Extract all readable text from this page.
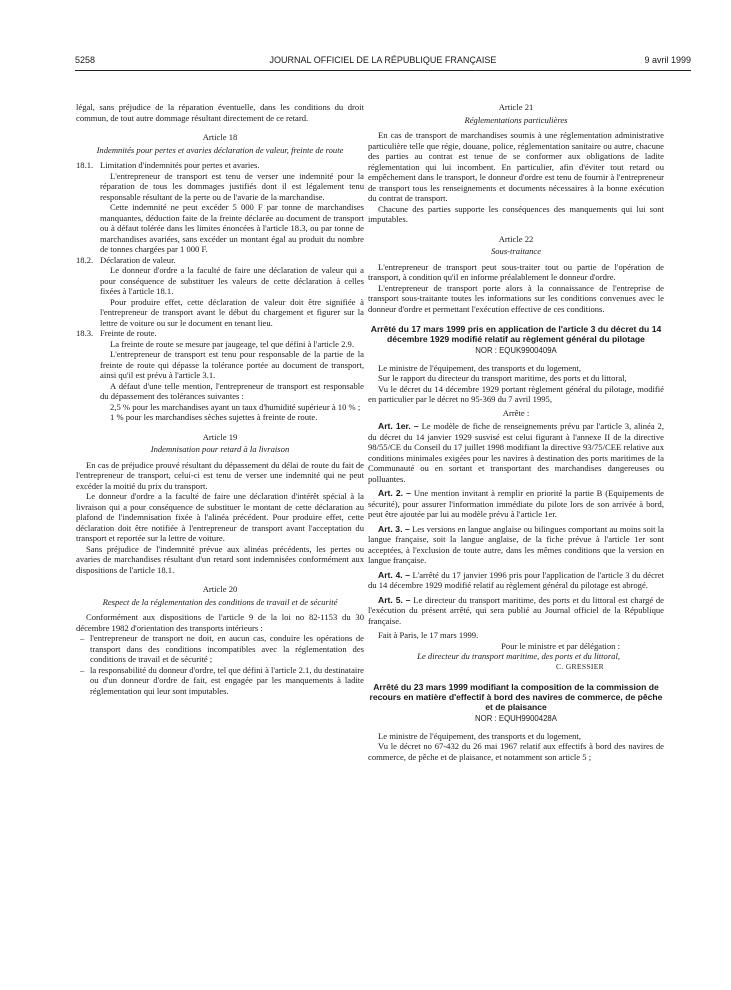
5258	JOURNAL OFFICIEL DE LA RÉPUBLIQUE FRANÇAISE	9 avril 1999

légal, sans préjudice de la réparation éventuelle, dans les conditions du droit commun, de tout autre dommage résultant directement de ce retard.

Article 18
Indemnités pour pertes et avaries déclaration de valeur, freinte de route
18.1. Limitation d'indemnités pour pertes et avaries.

L'entrepreneur de transport est tenu de verser une indemnité pour la réparation de tous les dommages justifiés dont il est légalement tenu responsable résultant de la perte ou de l'avarie de la marchandise.

Cette indemnité ne peut excéder 5 000 F par tonne de marchandises manquantes, déduction faite de la freinte déclarée au document de transport ou à défaut tolérée dans les limites énoncées à l'article 18.3, ou par tonne de marchandises avariées, sans excéder un montant égal au produit du nombre de tonnes chargées par 1 000 F.

18.2. Déclaration de valeur.

Le donneur d'ordre a la faculté de faire une déclaration de valeur qui a pour conséquence de substituer les valeurs de cette déclaration à celles fixées à l'article 18.1.

Pour produire effet, cette déclaration de valeur doit être signifiée à l'entrepreneur de transport avant le début du chargement et figurer sur la lettre de voiture ou sur le document en tenant lieu.

18.3. Freinte de route.

La freinte de route se mesure par jaugeage, tel que défini à l'article 2.9.

L'entrepreneur de transport est tenu pour responsable de la partie de la freinte de route qui dépasse la tolérance portée au document de transport, ainsi qu'il est prévu à l'article 3.1.

A défaut d'une telle mention, l'entrepreneur de transport est responsable du dépassement des tolérances suivantes :

2,5 % pour les marchandises ayant un taux d'humidité supérieur à 10 % ;

1 % pour les marchandises sèches sujettes à freinte de route.

Article 19
Indemnisation pour retard à la livraison

En cas de préjudice prouvé résultant du dépassement du délai de route du fait de l'entrepreneur de transport, celui-ci est tenu de verser une indemnité qui ne peut excéder la moitié du prix du transport.

Le donneur d'ordre a la faculté de faire une déclaration d'intérêt spécial à la livraison qui a pour conséquence de substituer le montant de cette déclaration au plafond de l'indemnisation fixée à l'alinéa précédent. Pour produire effet, cette déclaration doit être notifiée à l'entrepreneur de transport avant l'acceptation du transport et reportée sur la lettre de voiture.

Sans préjudice de l'indemnité prévue aux alinéas précédents, les pertes ou avaries de marchandises résultant d'un retard sont indemnisées conformément aux dispositions de l'article 18.1.

Article 20
Respect de la réglementation des conditions de travail et de sécurité

Conformément aux dispositions de l'article 9 de la loi no 82-1153 du 30 décembre 1982 d'orientation des transports intérieurs :

– l'entrepreneur de transport ne doit, en aucun cas, conduire les opérations de transport dans des conditions incompatibles avec la réglementation des conditions de travail et de sécurité ;

– la responsabilité du donneur d'ordre, tel que défini à l'article 2.1, du destinataire ou d'un donneur d'ordre de fait, est engagée par les manquements à ladite réglementation qui leur sont imputables.

Article 21
Réglementations particulières

En cas de transport de marchandises soumis à une réglementation administrative particulière telle que régie, douane, police, réglementation sanitaire ou autre, chacune des parties au contrat est tenue de se conformer aux obligations de ladite réglementation qui lui incombent. En particulier, afin d'éviter tout retard ou empêchement dans le transport, le donneur d'ordre est tenu de fournir à l'entrepreneur de transport tous les renseignements et documents nécessaires à la bonne exécution du contrat de transport.

Chacune des parties supporte les conséquences des manquements qui lui sont imputables.

Article 22
Sous-traitance

L'entrepreneur de transport peut sous-traiter tout ou partie de l'opération de transport, à condition qu'il en informe préalablement le donneur d'ordre.

L'entrepreneur de transport porte alors à la connaissance de l'entreprise de transport sous-traitante toutes les informations sur les conditions convenues avec le donneur d'ordre et permettant l'exécution effective de ces conditions.

Arrêté du 17 mars 1999 pris en application de l'article 3 du décret du 14 décembre 1929 modifié relatif au règlement général du pilotage
NOR : EQUK9900409A

Le ministre de l'équipement, des transports et du logement,

Sur le rapport du directeur du transport maritime, des ports et du littoral,

Vu le décret du 14 décembre 1929 portant règlement général du pilotage, modifié en particulier par le décret no 95-369 du 7 avril 1995,

Arrête :

Art. 1er. – Le modèle de fiche de renseignements prévu par l'article 3, alinéa 2, du décret du 14 janvier 1929 susvisé est celui figurant à l'annexe II de la directive 98/55/CE du Conseil du 17 juillet 1998 modifiant la directive 93/75/CEE relative aux conditions minimales exigées pour les navires à destination des ports maritimes de la Communauté ou en sortant et transportant des marchandises dangereuses ou polluantes.

Art. 2. – Une mention invitant à remplir en priorité la partie B (Equipements de sécurité), pour assurer l'information immédiate du pilote lors de son arrivée à bord, peut être ajoutée par lui au modèle prévu à l'article 1er.

Art. 3. – Les versions en langue anglaise ou bilingues comportant au moins soit la langue française, soit la langue anglaise, de la fiche prévue à l'article 1er sont acceptées, à l'exclusion de toute autre, dans les mêmes conditions que la version en langue française.

Art. 4. – L'arrêté du 17 janvier 1996 pris pour l'application de l'article 3 du décret du 14 décembre 1929 modifié relatif au règlement général du pilotage est abrogé.

Art. 5. – Le directeur du transport maritime, des ports et du littoral est chargé de l'exécution du présent arrêté, qui sera publié au Journal officiel de la République française.

Fait à Paris, le 17 mars 1999.

Pour le ministre et par délégation :
Le directeur du transport maritime, des ports et du littoral,
C. GRESSIER
Arrêté du 23 mars 1999 modifiant la composition de la commission de recours en matière d'effectif à bord des navires de commerce, de pêche et de plaisance
NOR : EQUH9900428A

Le ministre de l'équipement, des transports et du logement,

Vu le décret no 67-432 du 26 mai 1967 relatif aux effectifs à bord des navires de commerce, de pêche et de plaisance, et notamment son article 5 ;
